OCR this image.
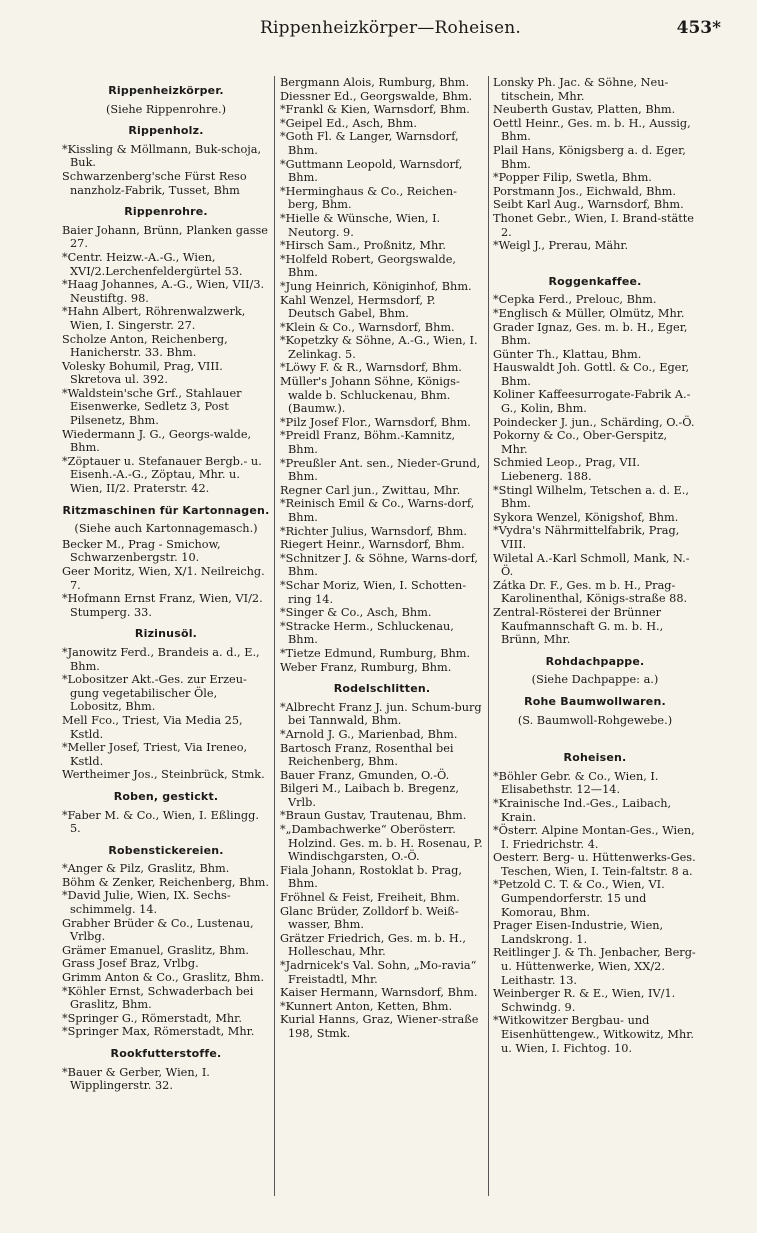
Rippenheizkörper—Roheisen.	453*
Rippenheizkörper.
(Siehe Rippenrohre.)
Rippenholz.
*Kissling & Möllmann, Buk-schoja, Buk.
Schwarzenberg'sche Fürst Reso nanzholz-Fabrik, Tusset, Bhm
Rippenrohre.
Baier Johann, Brünn, Planken gasse 27.
*Centr. Heizw.-A.-G., Wien, XVI/2.Lerchenfeldergürtel 53.
*Haag Johannes, A.-G., Wien, VII/3. Neustiftg. 98.
*Hahn Albert, Röhrenwalzwerk, Wien, I. Singerstr. 27.
Scholze Anton, Reichenberg, Hanicherstr. 33. Bhm.
Volesky Bohumil, Prag, VIII. Skretova ul. 392.
*Waldstein'sche Grf., Stahlauer Eisenwerke, Sedletz 3, Post Pilsenetz, Bhm.
Wiedermann J. G., Georgs-walde, Bhm.
*Zöptauer u. Stefanauer Bergb.- u. Eisenh.-A.-G., Zöptau, Mhr. u. Wien, II/2. Praterstr. 42.
Ritzmaschinen für Kartonnagen.
(Siehe auch Kartonnagemasch.)
Becker M., Prag - Smichow, Schwarzenbergstr. 10.
Geer Moritz, Wien, X/1. Neilreichg. 7.
*Hofmann Ernst Franz, Wien, VI/2. Stumperg. 33.
Rizinusöl.
*Janowitz Ferd., Brandeis a. d., E., Bhm.
*Lobositzer Akt.-Ges. zur Erzeu-gung vegetabilischer Öle, Lobositz, Bhm.
Mell Fco., Triest, Via Media 25, Kstld.
*Meller Josef, Triest, Via Ireneo, Kstld.
Wertheimer Jos., Steinbrück, Stmk.
Roben, gestickt.
*Faber M. & Co., Wien, I. Eßlingg. 5.
Robenstickereien.
*Anger & Pilz, Graslitz, Bhm.
Böhm & Zenker, Reichenberg, Bhm.
*David Julie, Wien, IX. Sechs-schimmelg. 14.
Grabher Brüder & Co., Lustenau, Vrlbg.
Grämer Emanuel, Graslitz, Bhm.
Grass Josef Braz, Vrlbg.
Grimm Anton & Co., Graslitz, Bhm.
*Köhler Ernst, Schwaderbach bei Graslitz, Bhm.
*Springer G., Römerstadt, Mhr.
*Springer Max, Römerstadt, Mhr.
Rookfutterstoffe.
*Bauer & Gerber, Wien, I. Wipplingerstr. 32.
Bergmann Alois, Rumburg, Bhm.
Diessner Ed., Georgswalde, Bhm.
*Frankl & Kien, Warnsdorf, Bhm.
*Geipel Ed., Asch, Bhm.
*Goth Fl. & Langer, Warnsdorf, Bhm.
*Guttmann Leopold, Warnsdorf, Bhm.
*Herminghaus & Co., Reichen-berg, Bhm.
*Hielle & Wünsche, Wien, I. Neutorg. 9.
*Hirsch Sam., Proßnitz, Mhr.
*Holfeld Robert, Georgswalde, Bhm.
*Jung Heinrich, Königinhof, Bhm.
Kahl Wenzel, Hermsdorf, P. Deutsch Gabel, Bhm.
*Klein & Co., Warnsdorf, Bhm.
*Kopetzky & Söhne, A.-G., Wien, I. Zelinkag. 5.
*Löwy F. & R., Warnsdorf, Bhm.
Müller's Johann Söhne, Königs-walde b. Schluckenau, Bhm. (Baumw.).
*Pilz Josef Flor., Warnsdorf, Bhm.
*Preidl Franz, Böhm.-Kamnitz, Bhm.
*Preußler Ant. sen., Nieder-Grund, Bhm.
Regner Carl jun., Zwittau, Mhr.
*Reinisch Emil & Co., Warns-dorf, Bhm.
*Richter Julius, Warnsdorf, Bhm.
Riegert Heinr., Warnsdorf, Bhm.
*Schnitzer J. & Söhne, Warns-dorf, Bhm.
*Schar Moriz, Wien, I. Schotten-ring 14.
*Singer & Co., Asch, Bhm.
*Stracke Herm., Schluckenau, Bhm.
*Tietze Edmund, Rumburg, Bhm.
Weber Franz, Rumburg, Bhm.
Rodelschlitten.
*Albrecht Franz J. jun. Schum-burg bei Tannwald, Bhm.
*Arnold J. G., Marienbad, Bhm.
Bartosch Franz, Rosenthal bei Reichenberg, Bhm.
Bauer Franz, Gmunden, O.-Ö.
Bilgeri M., Laibach b. Bregenz, Vrlb.
*Braun Gustav, Trautenau, Bhm.
*„Dambachwerke“ Oberösterr. Holzind. Ges. m. b. H. Rosenau, P. Windischgarsten, O.-Ö.
Fiala Johann, Rostoklat b. Prag, Bhm.
Fröhnel & Feist, Freiheit, Bhm.
Glanc Brüder, Zolldorf b. Weiß-wasser, Bhm.
Grätzer Friedrich, Ges. m. b. H., Holleschau, Mhr.
*Jadrnicek's Val. Sohn, „Mo-ravia“ Freistadtl, Mhr.
Kaiser Hermann, Warnsdorf, Bhm.
*Kunnert Anton, Ketten, Bhm.
Kurial Hanns, Graz, Wiener-straße 198, Stmk.
Lonsky Ph. Jac. & Söhne, Neu-titschein, Mhr.
Neuberth Gustav, Platten, Bhm.
Oettl Heinr., Ges. m. b. H., Aussig, Bhm.
Plail Hans, Königsberg a. d. Eger, Bhm.
*Popper Filip, Swetla, Bhm.
Porstmann Jos., Eichwald, Bhm.
Seibt Karl Aug., Warnsdorf, Bhm.
Thonet Gebr., Wien, I. Brand-stätte 2.
*Weigl J., Prerau, Mähr.
Roggenkaffee.
*Cepka Ferd., Prelouc, Bhm.
*Englisch & Müller, Olmütz, Mhr.
Grader Ignaz, Ges. m. b. H., Eger, Bhm.
Günter Th., Klattau, Bhm.
Hauswaldt Joh. Gottl. & Co., Eger, Bhm.
Koliner Kaffeesurrogate-Fabrik A.-G., Kolin, Bhm.
Poindecker J. jun., Schärding, O.-Ö.
Pokorny & Co., Ober-Gerspitz, Mhr.
Schmied Leop., Prag, VII. Liebenerg. 188.
*Stingl Wilhelm, Tetschen a. d. E., Bhm.
Sykora Wenzel, Königshof, Bhm.
*Vydra's Nährmittelfabrik, Prag, VIII.
Wiletal A.-Karl Schmoll, Mank, N.-Ö.
Zátka Dr. F., Ges. m b. H., Prag-Karolinenthal, Königs-straße 88.
Zentral-Rösterei der Brünner Kaufmannschaft G. m. b. H., Brünn, Mhr.
Rohdachpappe.
(Siehe Dachpappe: a.)
Rohe Baumwollwaren.
(S. Baumwoll-Rohgewebe.)
Roheisen.
*Böhler Gebr. & Co., Wien, I. Elisabethstr. 12—14.
*Krainische Ind.-Ges., Laibach, Krain.
*Österr. Alpine Montan-Ges., Wien, I. Friedrichstr. 4.
Oesterr. Berg- u. Hüttenwerks-Ges. Teschen, Wien, I. Tein-faltstr. 8 a.
*Petzold C. T. & Co., Wien, VI. Gumpendorferstr. 15 und Komorau, Bhm.
Prager Eisen-Industrie, Wien, Landskrong. 1.
Reitlinger J. & Th. Jenbacher, Berg- u. Hüttenwerke, Wien, XX/2. Leithastr. 13.
Weinberger R. & E., Wien, IV/1. Schwindg. 9.
*Witkowitzer Bergbau- und Eisenhüttengew., Witkowitz, Mhr. u. Wien, I. Fichtog. 10.
